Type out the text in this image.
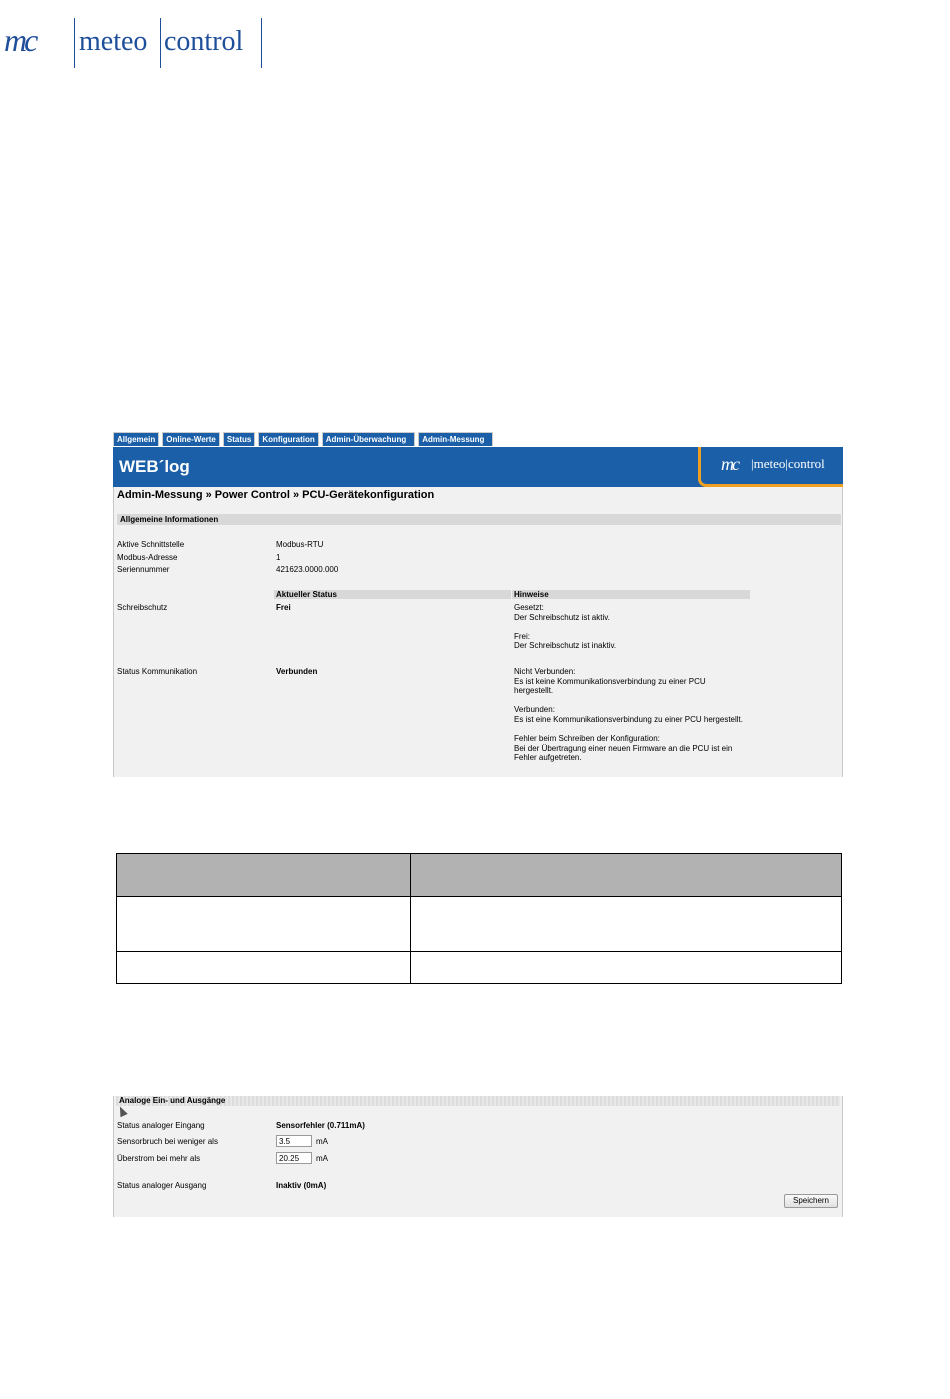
mc meteo control
Allgemein	Online-Werte	Status	Konfiguration	Admin-Überwachung	Admin-Messung
WEB´log	mc |meteo|control
Admin-Messung » Power Control » PCU-Gerätekonfiguration
Allgemeine Informationen
Aktive Schnittstelle	Modbus-RTU
Modbus-Adresse	1
Seriennummer	421623.0000.000
Aktueller Status	Hinweise
Schreibschutz	Frei	Gesetzt:
Der Schreibschutz ist aktiv.
Frei:
Der Schreibschutz ist inaktiv.
Status Kommunikation	Verbunden	Nicht Verbunden:
Es ist keine Kommunikationsverbindung zu einer PCU
hergestellt.
Verbunden:
Es ist eine Kommunikationsverbindung zu einer PCU hergestellt.
Fehler beim Schreiben der Konfiguration:
Bei der Übertragung einer neuen Firmware an die PCU ist ein
Fehler aufgetreten.

Analoge Ein- und Ausgänge
Status analoger Eingang	Sensorfehler (0.711mA)
Sensorbruch bei weniger als	3.5	mA
Überstrom bei mehr als	20.25	mA
Status analoger Ausgang	Inaktiv (0mA)
Speichern
